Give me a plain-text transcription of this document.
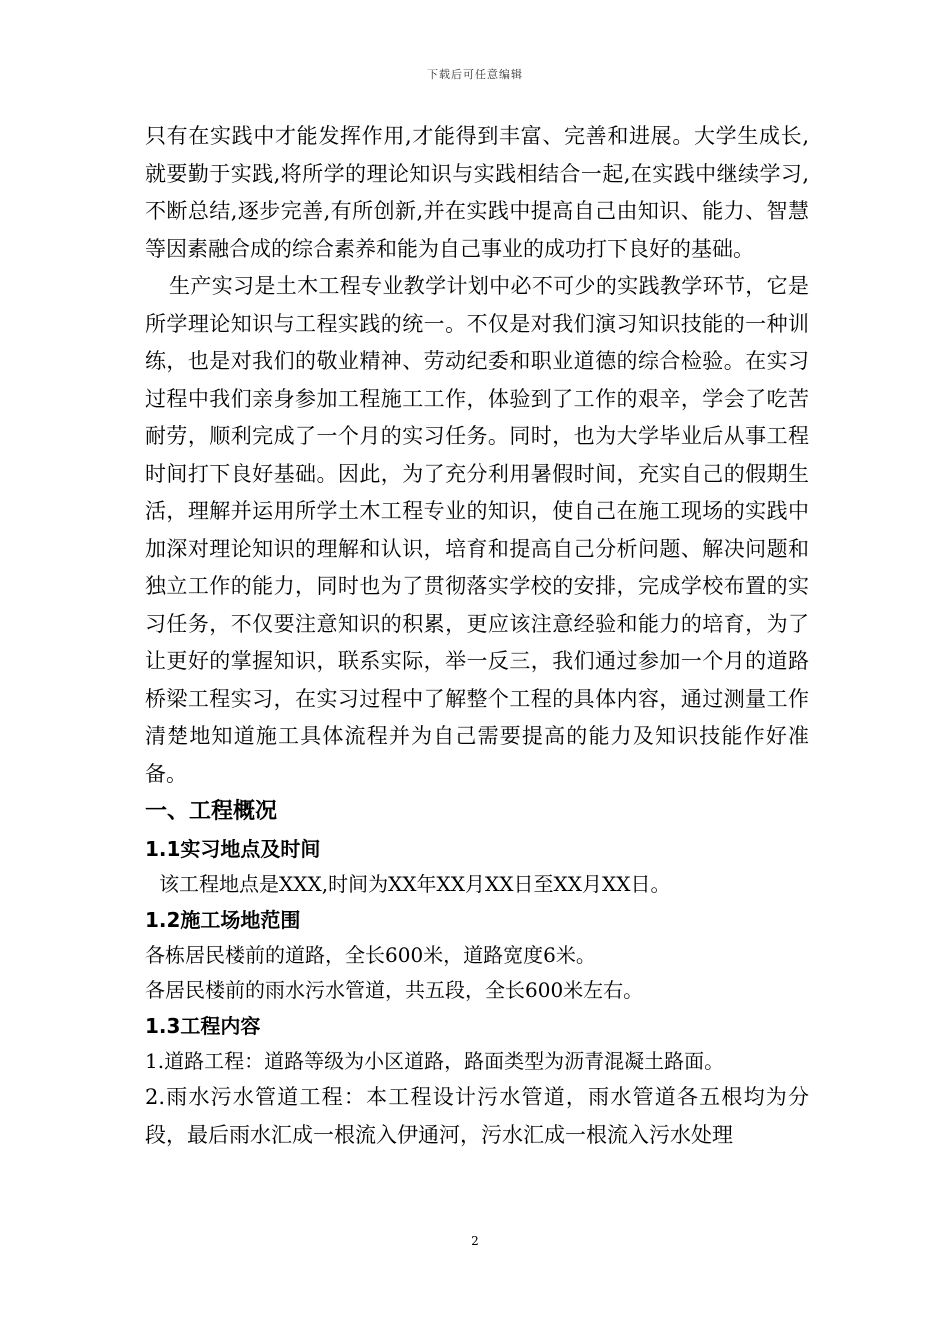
下载后可任意编辑

只有在实践中才能发挥作用,才能得到丰富、完善和进展。大学生成长,就要勤于实践,将所学的理论知识与实践相结合一起,在实践中继续学习,不断总结,逐步完善,有所创新,并在实践中提高自己由知识、能力、智慧等因素融合成的综合素养和能为自己事业的成功打下良好的基础。

生产实习是土木工程专业教学计划中必不可少的实践教学环节，它是所学理论知识与工程实践的统一。不仅是对我们演习知识技能的一种训练，也是对我们的敬业精神、劳动纪委和职业道德的综合检验。在实习过程中我们亲身参加工程施工工作，体验到了工作的艰辛，学会了吃苦耐劳，顺利完成了一个月的实习任务。同时，也为大学毕业后从事工程时间打下良好基础。因此，为了充分利用暑假时间，充实自己的假期生活，理解并运用所学土木工程专业的知识，使自己在施工现场的实践中加深对理论知识的理解和认识，培育和提高自己分析问题、解决问题和独立工作的能力，同时也为了贯彻落实学校的安排，完成学校布置的实习任务，不仅要注意知识的积累，更应该注意经验和能力的培育，为了让更好的掌握知识，联系实际，举一反三，我们通过参加一个月的道路桥梁工程实习，在实习过程中了解整个工程的具体内容，通过测量工作清楚地知道施工具体流程并为自己需要提高的能力及知识技能作好准备。

一、工程概况

1.1实习地点及时间

该工程地点是XXX,时间为XX年XX月XX日至XX月XX日。

1.2施工场地范围

各栋居民楼前的道路，全长600米，道路宽度6米。

各居民楼前的雨水污水管道，共五段，全长600米左右。

1.3工程内容

1.道路工程：道路等级为小区道路，路面类型为沥青混凝土路面。

2.雨水污水管道工程：本工程设计污水管道，雨水管道各五根均为分段，最后雨水汇成一根流入伊通河，污水汇成一根流入污水处理

2
